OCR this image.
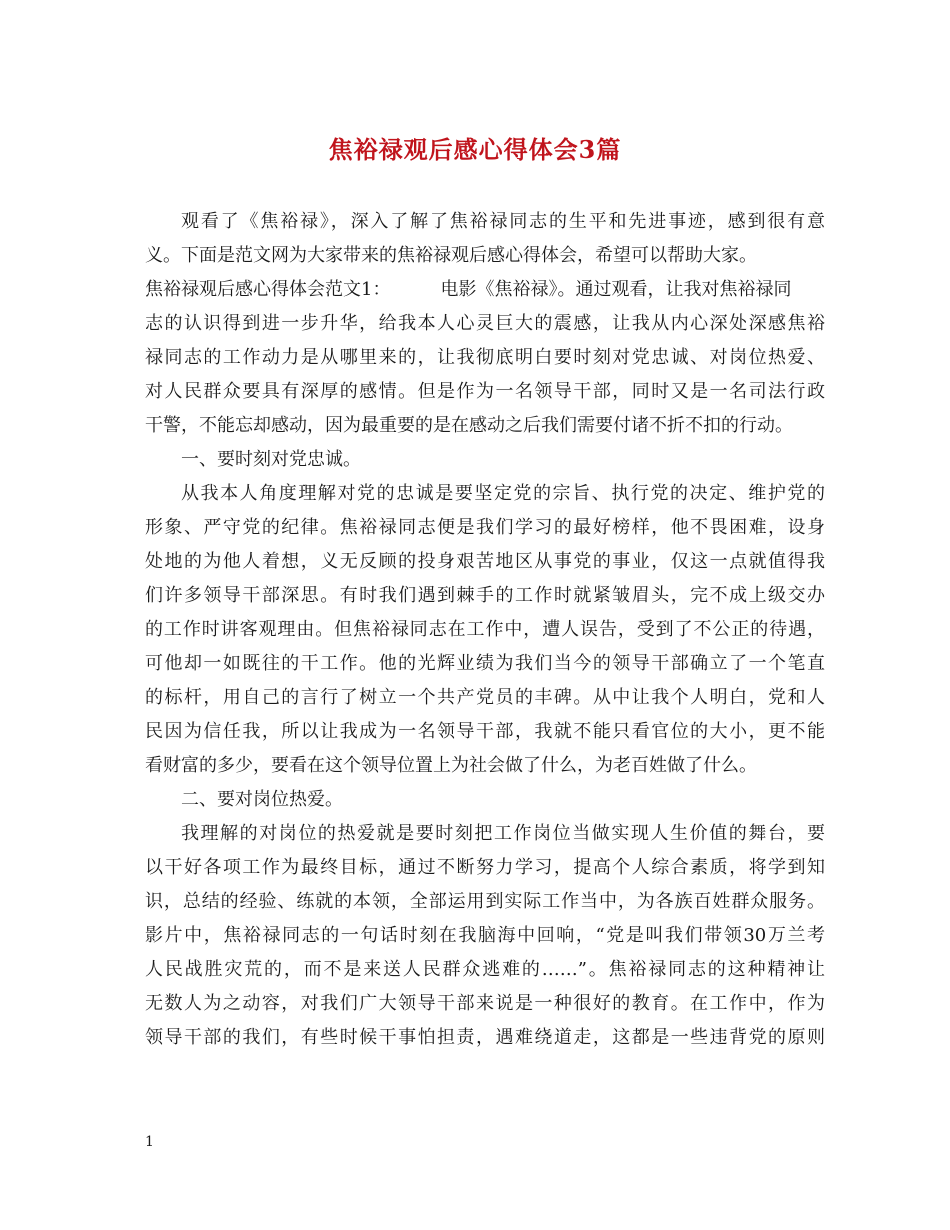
焦裕禄观后感心得体会3篇
观看了《焦裕禄》，深入了解了焦裕禄同志的生平和先进事迹，感到很有意
义。下面是范文网为大家带来的焦裕禄观后感心得体会，希望可以帮助大家。
焦裕禄观后感心得体会范文1：	电影《焦裕禄》。通过观看，让我对焦裕禄同
志的认识得到进一步升华，给我本人心灵巨大的震感，让我从内心深处深感焦裕
禄同志的工作动力是从哪里来的，让我彻底明白要时刻对党忠诚、对岗位热爱、
对人民群众要具有深厚的感情。但是作为一名领导干部，同时又是一名司法行政
干警，不能忘却感动，因为最重要的是在感动之后我们需要付诸不折不扣的行动。
一、要时刻对党忠诚。
从我本人角度理解对党的忠诚是要坚定党的宗旨、执行党的决定、维护党的
形象、严守党的纪律。焦裕禄同志便是我们学习的最好榜样，他不畏困难，设身
处地的为他人着想，义无反顾的投身艰苦地区从事党的事业，仅这一点就值得我
们许多领导干部深思。有时我们遇到棘手的工作时就紧皱眉头，完不成上级交办
的工作时讲客观理由。但焦裕禄同志在工作中，遭人误告，受到了不公正的待遇，
可他却一如既往的干工作。他的光辉业绩为我们当今的领导干部确立了一个笔直
的标杆，用自己的言行了树立一个共产党员的丰碑。从中让我个人明白，党和人
民因为信任我，所以让我成为一名领导干部，我就不能只看官位的大小，更不能
看财富的多少，要看在这个领导位置上为社会做了什么，为老百姓做了什么。
二、要对岗位热爱。
我理解的对岗位的热爱就是要时刻把工作岗位当做实现人生价值的舞台，要
以干好各项工作为最终目标，通过不断努力学习，提高个人综合素质，将学到知
识，总结的经验、练就的本领，全部运用到实际工作当中，为各族百姓群众服务。
影片中，焦裕禄同志的一句话时刻在我脑海中回响，“党是叫我们带领30万兰考
人民战胜灾荒的，而不是来送人民群众逃难的……”。焦裕禄同志的这种精神让
无数人为之动容，对我们广大领导干部来说是一种很好的教育。在工作中，作为
领导干部的我们，有些时候干事怕担责，遇难绕道走，这都是一些违背党的原则
1
